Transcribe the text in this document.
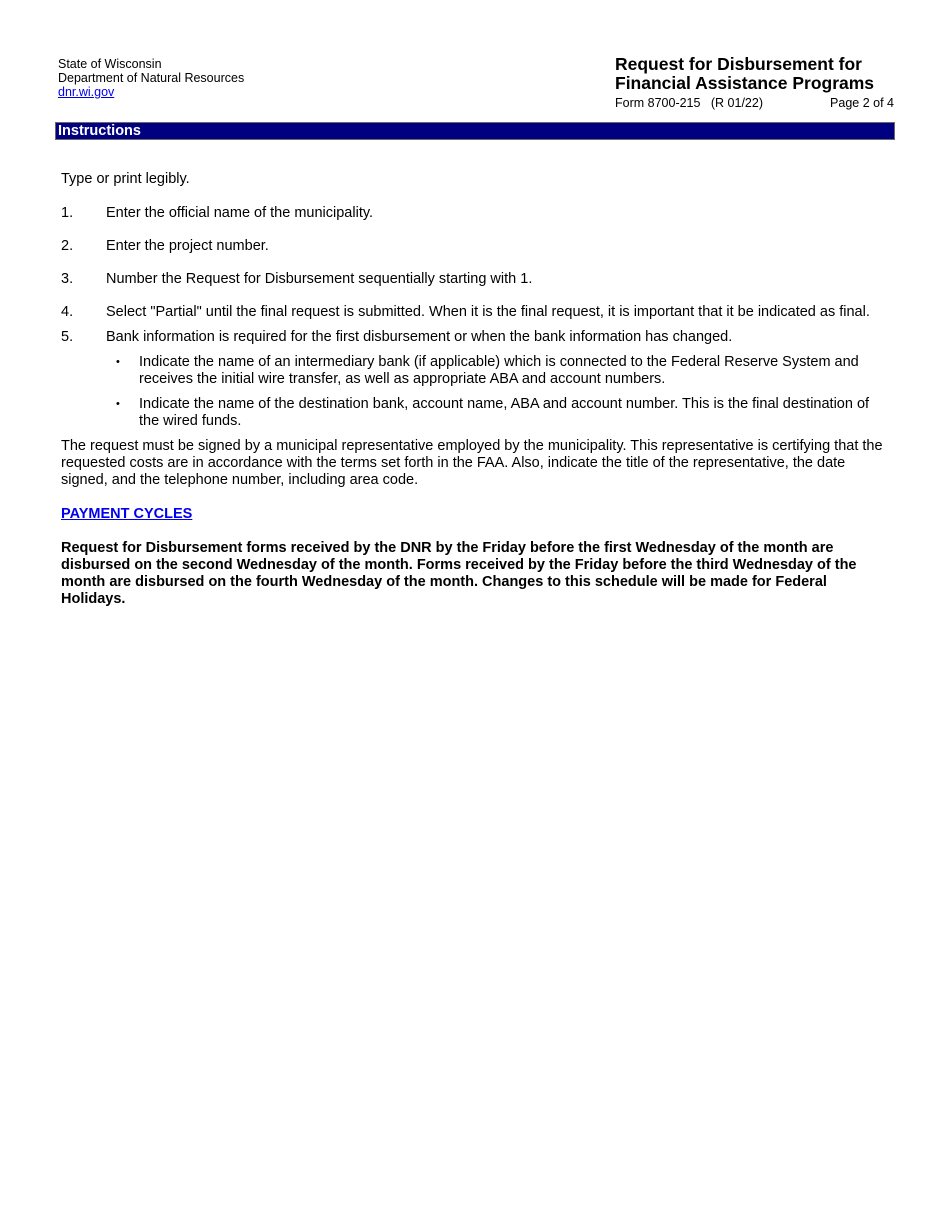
State of Wisconsin
Department of Natural Resources
dnr.wi.gov
Request for Disbursement for
Financial Assistance Programs
Form 8700-215   (R 01/22)	Page 2 of 4
Instructions

Type or print legibly.

1. Enter the official name of the municipality.
2. Enter the project number.
3. Number the Request for Disbursement sequentially starting with 1.
4. Select "Partial" until the final request is submitted. When it is the final request, it is important that it be indicated as final.
5. Bank information is required for the first disbursement or when the bank information has changed.
• Indicate the name of an intermediary bank (if applicable) which is connected to the Federal Reserve System and receives the initial wire transfer, as well as appropriate ABA and account numbers.
• Indicate the name of the destination bank, account name, ABA and account number. This is the final destination of the wired funds.

The request must be signed by a municipal representative employed by the municipality. This representative is certifying that the requested costs are in accordance with the terms set forth in the FAA. Also, indicate the title of the representative, the date signed, and the telephone number, including area code.

PAYMENT CYCLES

Request for Disbursement forms received by the DNR by the Friday before the first Wednesday of the month are disbursed on the second Wednesday of the month. Forms received by the Friday before the third Wednesday of the month are disbursed on the fourth Wednesday of the month. Changes to this schedule will be made for Federal Holidays.
